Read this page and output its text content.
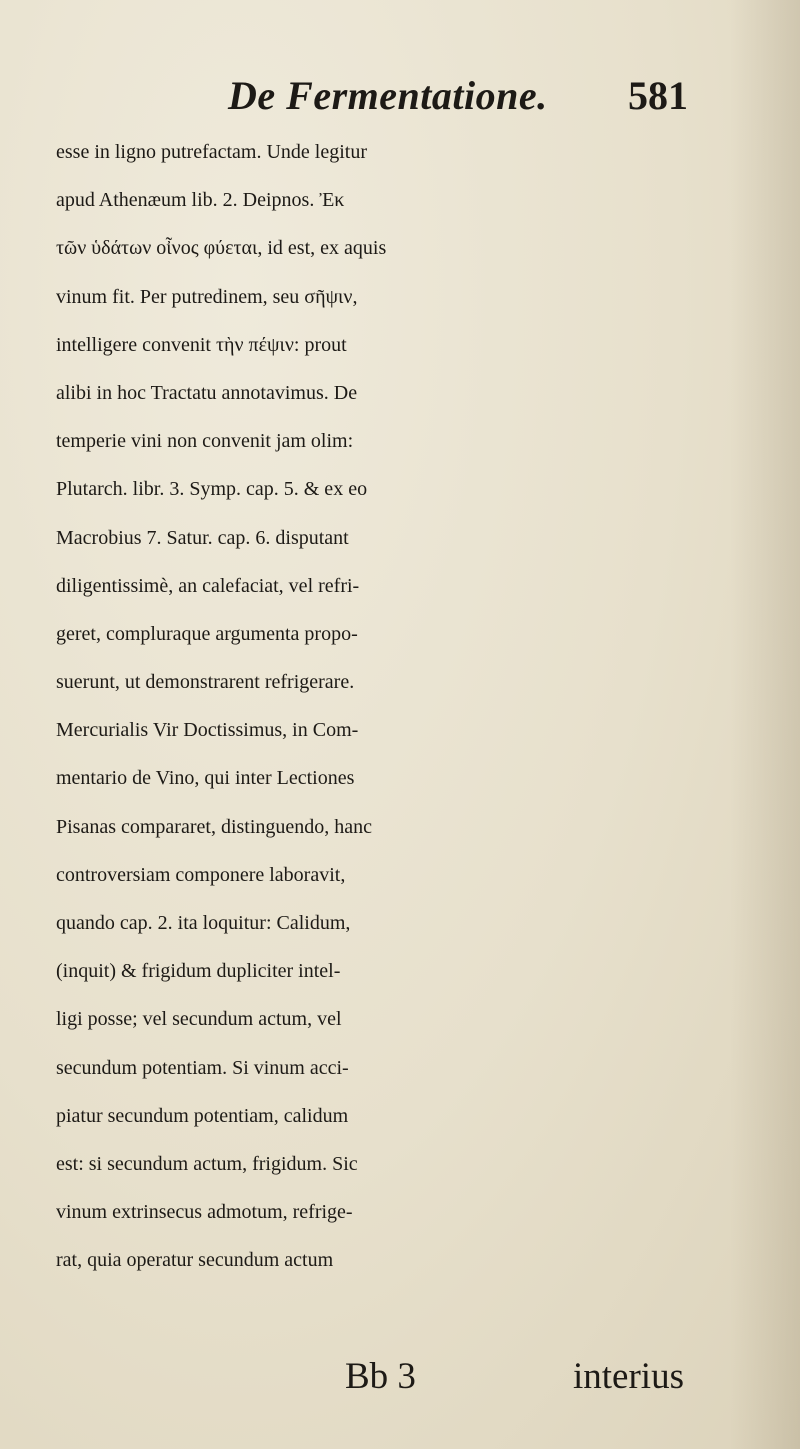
De Fermentatione. 581
esse in ligno putrefactam. Unde legitur
apud Athenæum lib. 2. Deipnos. Ἐκ
τῶν ὑδάτων οἶνος φύεται, id est, ex aquis
vinum fit. Per putredinem, seu σῆψιν,
intelligere convenit τὴν πέψιν: prout
alibi in hoc Tractatu annotavimus. De
temperie vini non convenit jam olim:
Plutarch. libr. 3. Symp. cap. 5. & ex eo
Macrobius 7. Satur. cap. 6. disputant
diligentissimè, an calefaciat, vel refri-
geret, compluraque argumenta propo-
suerunt, ut demonstrarent refrigerare.
Mercurialis Vir Doctissimus, in Com-
mentario de Vino, qui inter Lectiones
Pisanas compararet, distinguendo, hanc
controversiam componere laboravit,
quando cap. 2. ita loquitur: Calidum,
(inquit) & frigidum dupliciter intel-
ligi posse; vel secundum actum, vel
secundum potentiam. Si vinum acci-
piatur secundum potentiam, calidum
est: si secundum actum, frigidum. Sic
vinum extrinsecus admotum, refrige-
rat, quia operatur secundum actum
Bb 3	interius
